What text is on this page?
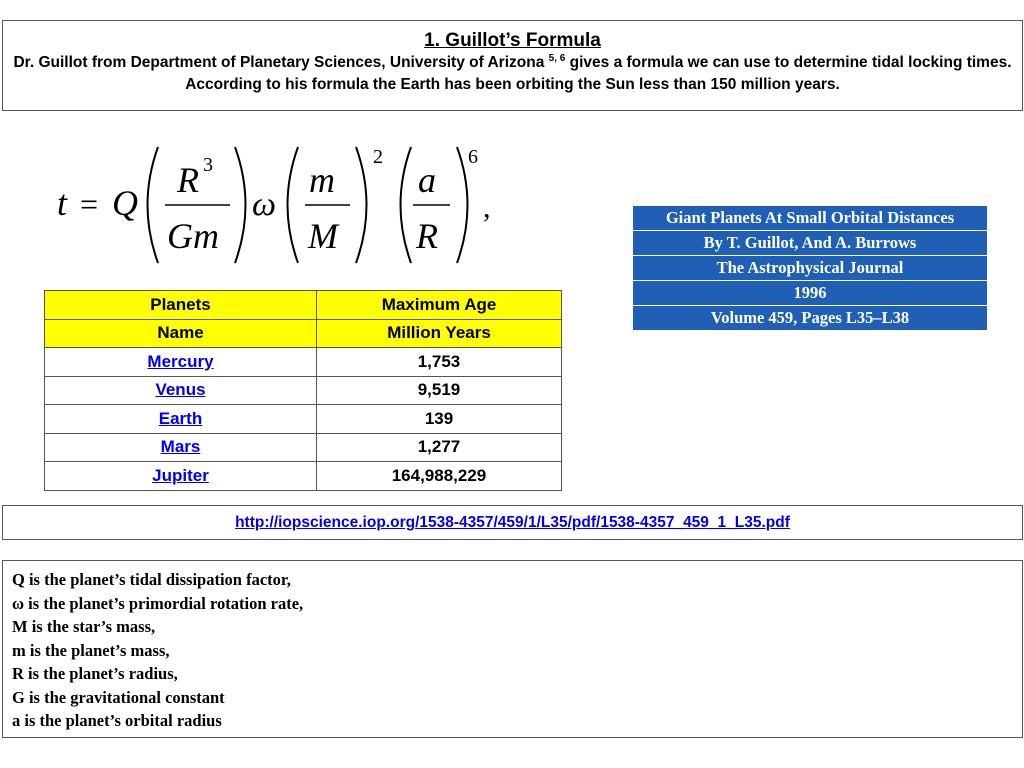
1. Guillot’s Formula
Dr. Guillot from Department of Planetary Sciences, University of Arizona $^{5, 6}$ gives a formula we can use to determine tidal locking times. According to his formula the Earth has been orbiting the Sun less than 150 million years.
t = Q
R 3
Gm
ω
m
M
2
a
R
6
,	Giant Planets At Small Orbital Distances
By T. Guillot, And A. Burrows
The Astrophysical Journal
1996
Volume 459, Pages L35–L38
Planets	Maximum Age
Name	Million Years
Mercury	1,753
Venus	9,519
Earth	139
Mars	1,277
Jupiter	164,988,229
http://iopscience.iop.org/1538-4357/459/1/L35/pdf/1538-4357_459_1_L35.pdf
Q is the planet’s tidal dissipation factor,
ω is the planet’s primordial rotation rate,
M is the star’s mass,
m is the planet’s mass,
R is the planet’s radius,
G is the gravitational constant
a is the planet’s orbital radius
